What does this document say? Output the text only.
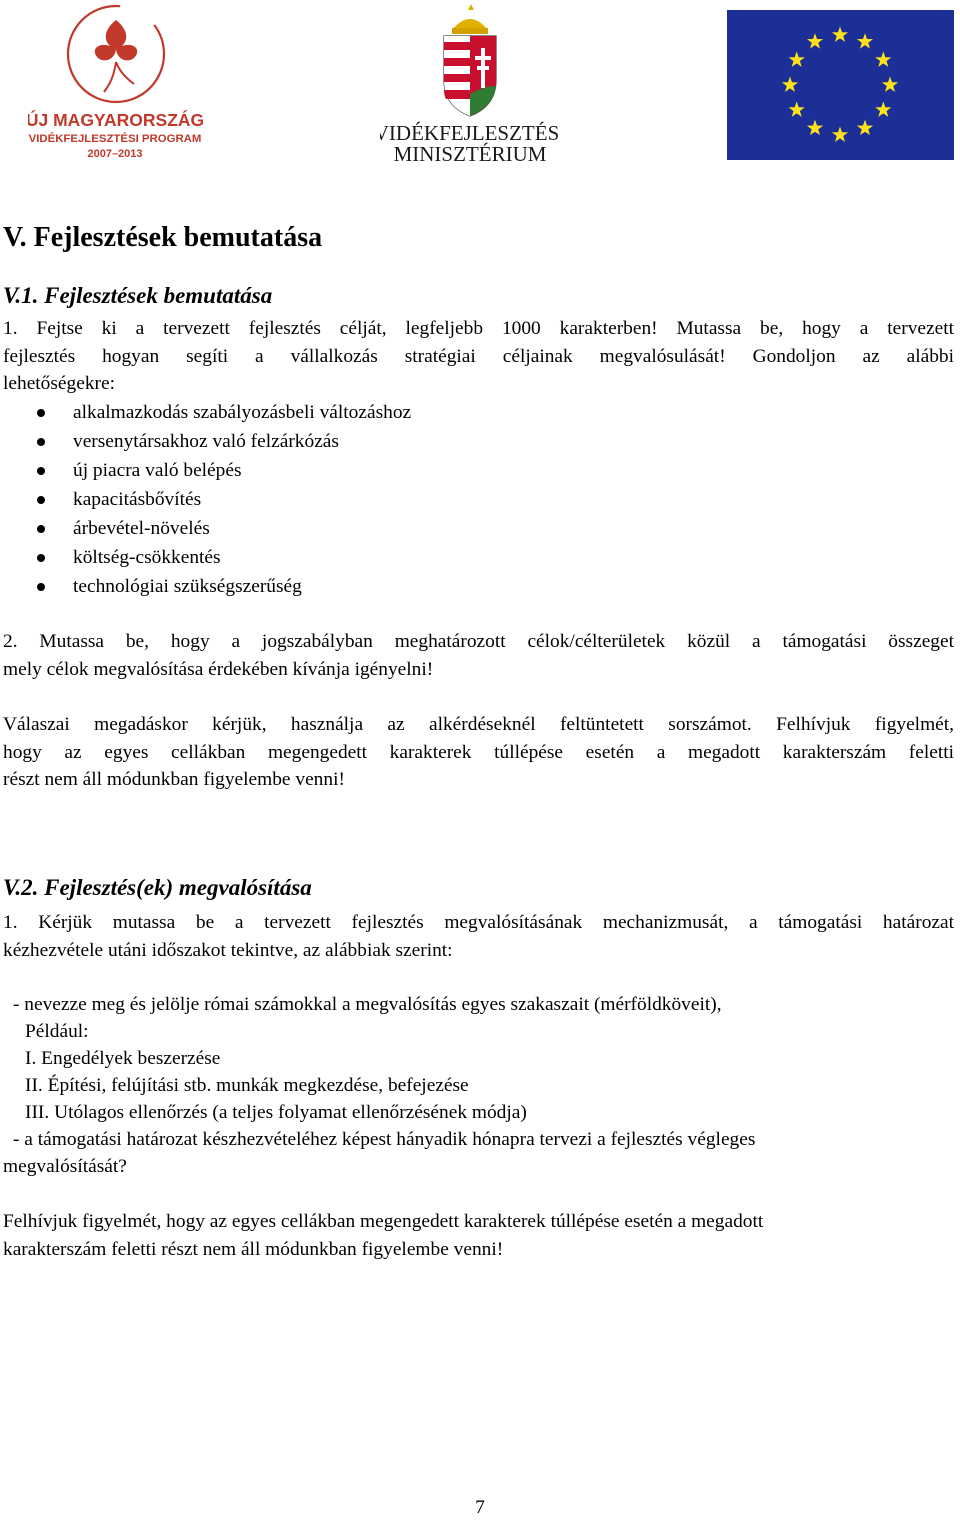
ÚJ MAGYARORSZÁG
VIDÉKFEJLESZTÉSI PROGRAM
2007–2013
VIDÉKFEJLESZTÉSI
MINISZTÉRIUM
V. Fejlesztések bemutatása
V.1. Fejlesztések bemutatása
1. Fejtse ki a tervezett fejlesztés célját, legfeljebb 1000 karakterben! Mutassa be, hogy a tervezett
fejlesztés hogyan segíti a vállalkozás stratégiai céljainak megvalósulását! Gondoljon az alábbi
lehetőségekre:
alkalmazkodás szabályozásbeli változáshoz
versenytársakhoz való felzárkózás
új piacra való belépés
kapacitásbővítés
árbevétel-növelés
költség-csökkentés
technológiai szükségszerűség
2. Mutassa be, hogy a jogszabályban meghatározott célok/célterületek közül a támogatási összeget
mely célok megvalósítása érdekében kívánja igényelni!
Válaszai megadáskor kérjük, használja az alkérdéseknél feltüntetett sorszámot. Felhívjuk figyelmét,
hogy az egyes cellákban megengedett karakterek túllépése esetén a megadott karakterszám feletti
részt nem áll módunkban figyelembe venni!
V.2. Fejlesztés(ek) megvalósítása
1. Kérjük mutassa be a tervezett fejlesztés megvalósításának mechanizmusát, a támogatási határozat
kézhezvétele utáni időszakot tekintve, az alábbiak szerint:
- nevezze meg és jelölje római számokkal a megvalósítás egyes szakaszait (mérföldköveit),
Például:
I. Engedélyek beszerzése
II. Építési, felújítási stb. munkák megkezdése, befejezése
III. Utólagos ellenőrzés (a teljes folyamat ellenőrzésének módja)
- a támogatási határozat készhezvételéhez képest hányadik hónapra tervezi a fejlesztés végleges
megvalósítását?
Felhívjuk figyelmét, hogy az egyes cellákban megengedett karakterek túllépése esetén a megadott
karakterszám feletti részt nem áll módunkban figyelembe venni!
7
